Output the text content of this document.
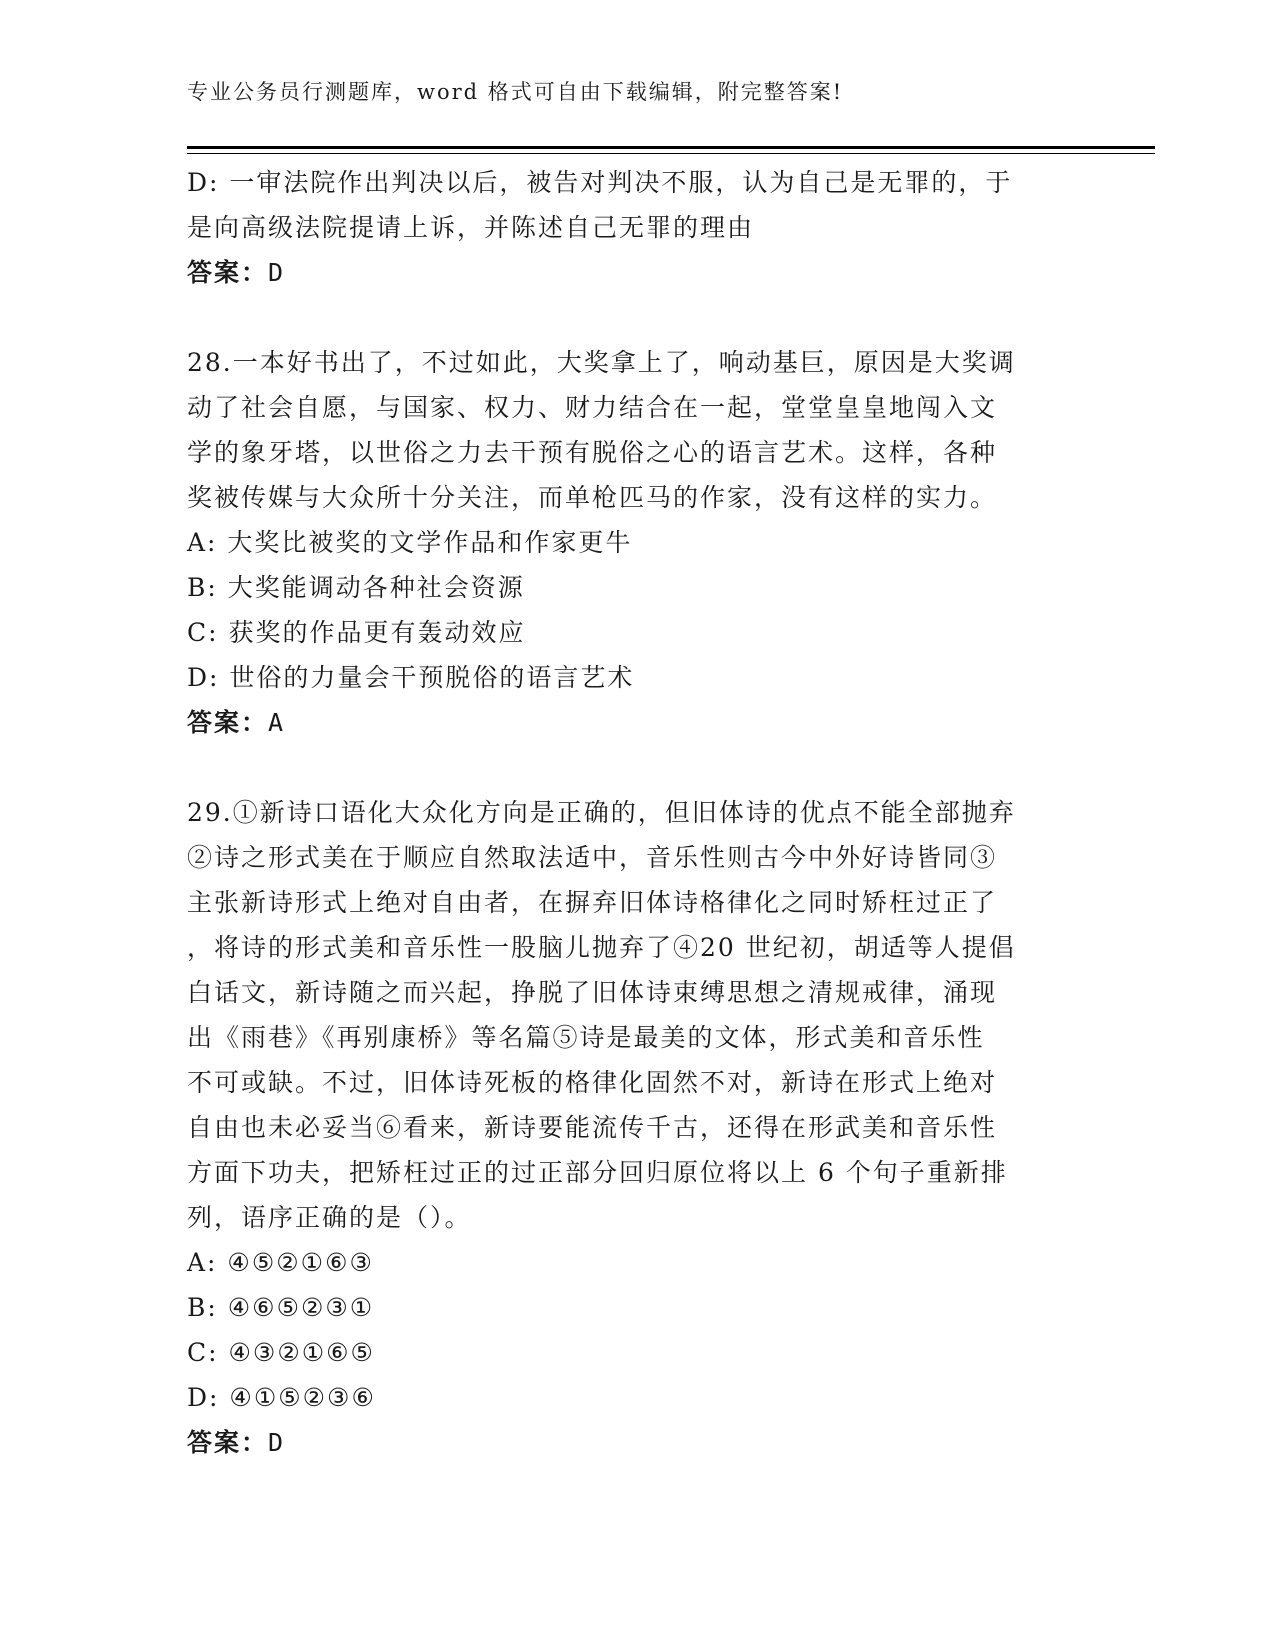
专业公务员行测题库，word 格式可自由下载编辑，附完整答案!
D: 一审法院作出判决以后，被告对判决不服，认为自己是无罪的，于
是向高级法院提请上诉，并陈述自己无罪的理由
答案：D
28.一本好书出了，不过如此，大奖拿上了，响动基巨，原因是大奖调
动了社会自愿，与国家、权力、财力结合在一起，堂堂皇皇地闯入文
学的象牙塔，以世俗之力去干预有脱俗之心的语言艺术。这样，各种
奖被传媒与大众所十分关注，而单枪匹马的作家，没有这样的实力。
A: 大奖比被奖的文学作品和作家更牛
B: 大奖能调动各种社会资源
C: 获奖的作品更有轰动效应
D: 世俗的力量会干预脱俗的语言艺术
答案：A
29.①新诗口语化大众化方向是正确的，但旧体诗的优点不能全部抛弃
②诗之形式美在于顺应自然取法适中，音乐性则古今中外好诗皆同③
主张新诗形式上绝对自由者，在摒弃旧体诗格律化之同时矫枉过正了
，将诗的形式美和音乐性一股脑儿抛弃了④20 世纪初，胡适等人提倡
白话文，新诗随之而兴起，挣脱了旧体诗束缚思想之清规戒律，涌现
出《雨巷》《再别康桥》等名篇⑤诗是最美的文体，形式美和音乐性
不可或缺。不过，旧体诗死板的格律化固然不对，新诗在形式上绝对
自由也未必妥当⑥看来，新诗要能流传千古，还得在形武美和音乐性
方面下功夫，把矫枉过正的过正部分回归原位将以上 6 个句子重新排
列，语序正确的是（）。
A: ④⑤②①⑥③
B: ④⑥⑤②③①
C: ④③②①⑥⑤
D: ④①⑤②③⑥
答案：D
